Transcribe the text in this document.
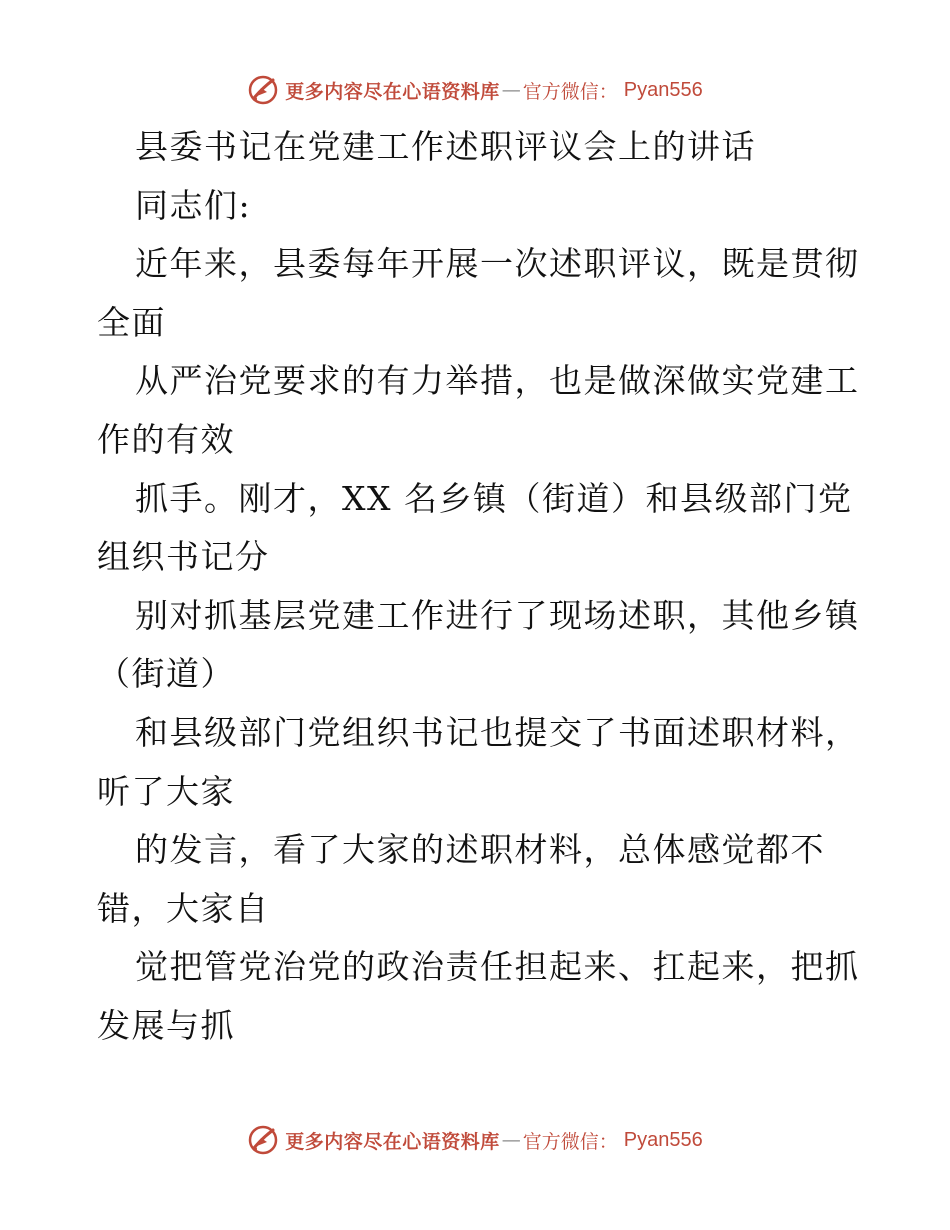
更多内容尽在心语资料库 — 官方微信 ： Pyan556
县委书记在党建工作述职评议会上的讲话
同志们:
近年来，县委每年开展一次述职评议，既是贯彻
全面
从严治党要求的有力举措，也是做深做实党建工
作的有效
抓手。刚才，XX 名乡镇（街道）和县级部门党
组织书记分
别对抓基层党建工作进行了现场述职，其他乡镇
（街道）
和县级部门党组织书记也提交了书面述职材料，
听了大家
的发言，看了大家的述职材料，总体感觉都不
错，大家自
觉把管党治党的政治责任担起来、扛起来，把抓
发展与抓
更多内容尽在心语资料库 — 官方微信 ： Pyan556
